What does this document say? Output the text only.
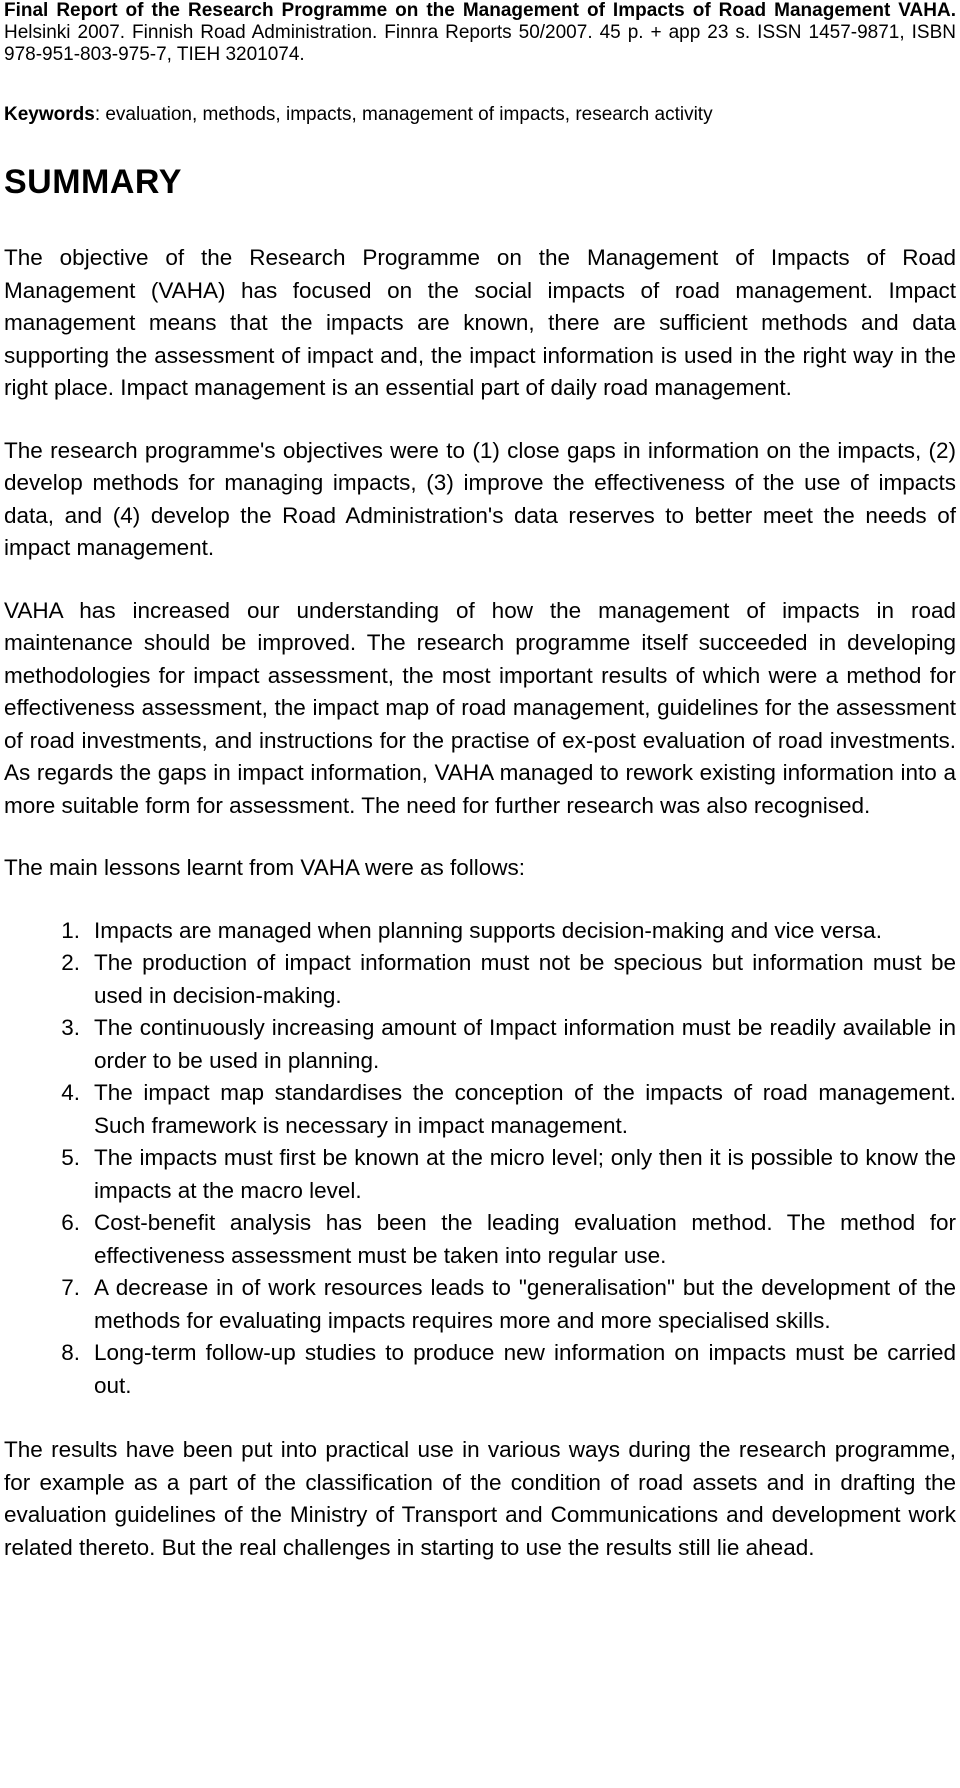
Final Report of the Research Programme on the Management of Impacts of Road Management VAHA. Helsinki 2007. Finnish Road Administration. Finnra Reports 50/2007. 45 p. + app 23 s. ISSN 1457-9871, ISBN 978-951-803-975-7, TIEH 3201074.

Keywords: evaluation, methods, impacts, management of impacts, research activity

SUMMARY

The objective of the Research Programme on the Management of Impacts of Road Management (VAHA) has focused on the social impacts of road management. Impact management means that the impacts are known, there are sufficient methods and data supporting the assessment of impact and, the impact information is used in the right way in the right place. Impact management is an essential part of daily road management.

The research programme's objectives were to (1) close gaps in information on the impacts, (2) develop methods for managing impacts, (3) improve the effectiveness of the use of impacts data, and (4) develop the Road Administration's data reserves to better meet the needs of impact management.

VAHA has increased our understanding of how the management of impacts in road maintenance should be improved. The research programme itself succeeded in developing methodologies for impact assessment, the most important results of which were a method for effectiveness assessment, the impact map of road management, guidelines for the assessment of road investments, and instructions for the practise of ex-post evaluation of road investments. As regards the gaps in impact information, VAHA managed to rework existing information into a more suitable form for assessment. The need for further research was also recognised.

The main lessons learnt from VAHA were as follows:

1. Impacts are managed when planning supports decision-making and vice versa.
2. The production of impact information must not be specious but information must be used in decision-making.
3. The continuously increasing amount of Impact information must be readily available in order to be used in planning.
4. The impact map standardises the conception of the impacts of road management. Such framework is necessary in impact management.
5. The impacts must first be known at the micro level; only then it is possible to know the impacts at the macro level.
6. Cost-benefit analysis has been the leading evaluation method. The method for effectiveness assessment must be taken into regular use.
7. A decrease in of work resources leads to "generalisation" but the development of the methods for evaluating impacts requires more and more specialised skills.
8. Long-term follow-up studies to produce new information on impacts must be carried out.

The results have been put into practical use in various ways during the research programme, for example as a part of the classification of the condition of road assets and in drafting the evaluation guidelines of the Ministry of Transport and Communications and development work related thereto. But the real challenges in starting to use the results still lie ahead.
